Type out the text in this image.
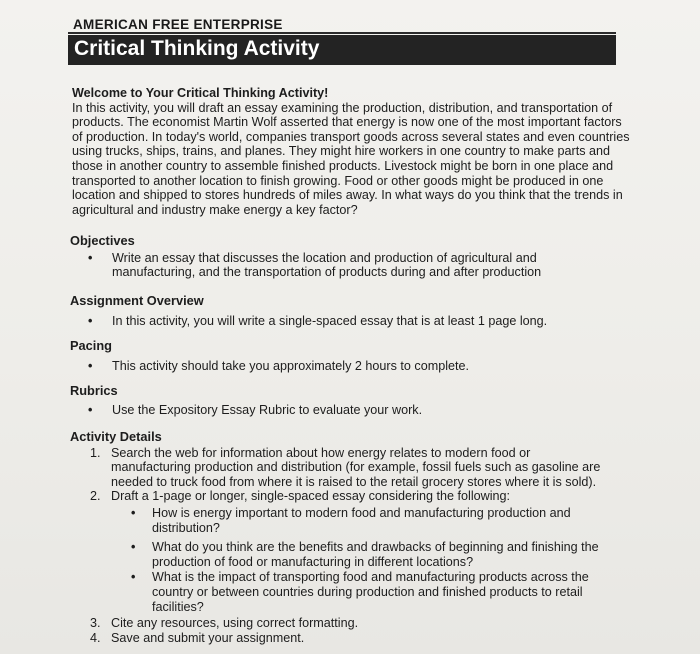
AMERICAN FREE ENTERPRISE
Critical Thinking Activity

Welcome to Your Critical Thinking Activity!

In this activity, you will draft an essay examining the production, distribution, and transportation of products. The economist Martin Wolf asserted that energy is now one of the most important factors of production. In today's world, companies transport goods across several states and even countries using trucks, ships, trains, and planes. They might hire workers in one country to make parts and those in another country to assemble finished products. Livestock might be born in one place and transported to another location to finish growing. Food or other goods might be produced in one location and shipped to stores hundreds of miles away. In what ways do you think that the trends in agricultural and industry make energy a key factor?

Objectives

• Write an essay that discusses the location and production of agricultural and manufacturing, and the transportation of products during and after production

Assignment Overview

• In this activity, you will write a single-spaced essay that is at least 1 page long.

Pacing

• This activity should take you approximately 2 hours to complete.

Rubrics

• Use the Expository Essay Rubric to evaluate your work.

Activity Details

1. Search the web for information about how energy relates to modern food or manufacturing production and distribution (for example, fossil fuels such as gasoline are needed to truck food from where it is raised to the retail grocery stores where it is sold).
2. Draft a 1-page or longer, single-spaced essay considering the following:
• How is energy important to modern food and manufacturing production and distribution?
• What do you think are the benefits and drawbacks of beginning and finishing the production of food or manufacturing in different locations?
• What is the impact of transporting food and manufacturing products across the country or between countries during production and finished products to retail facilities?
3. Cite any resources, using correct formatting.
4. Save and submit your assignment.
